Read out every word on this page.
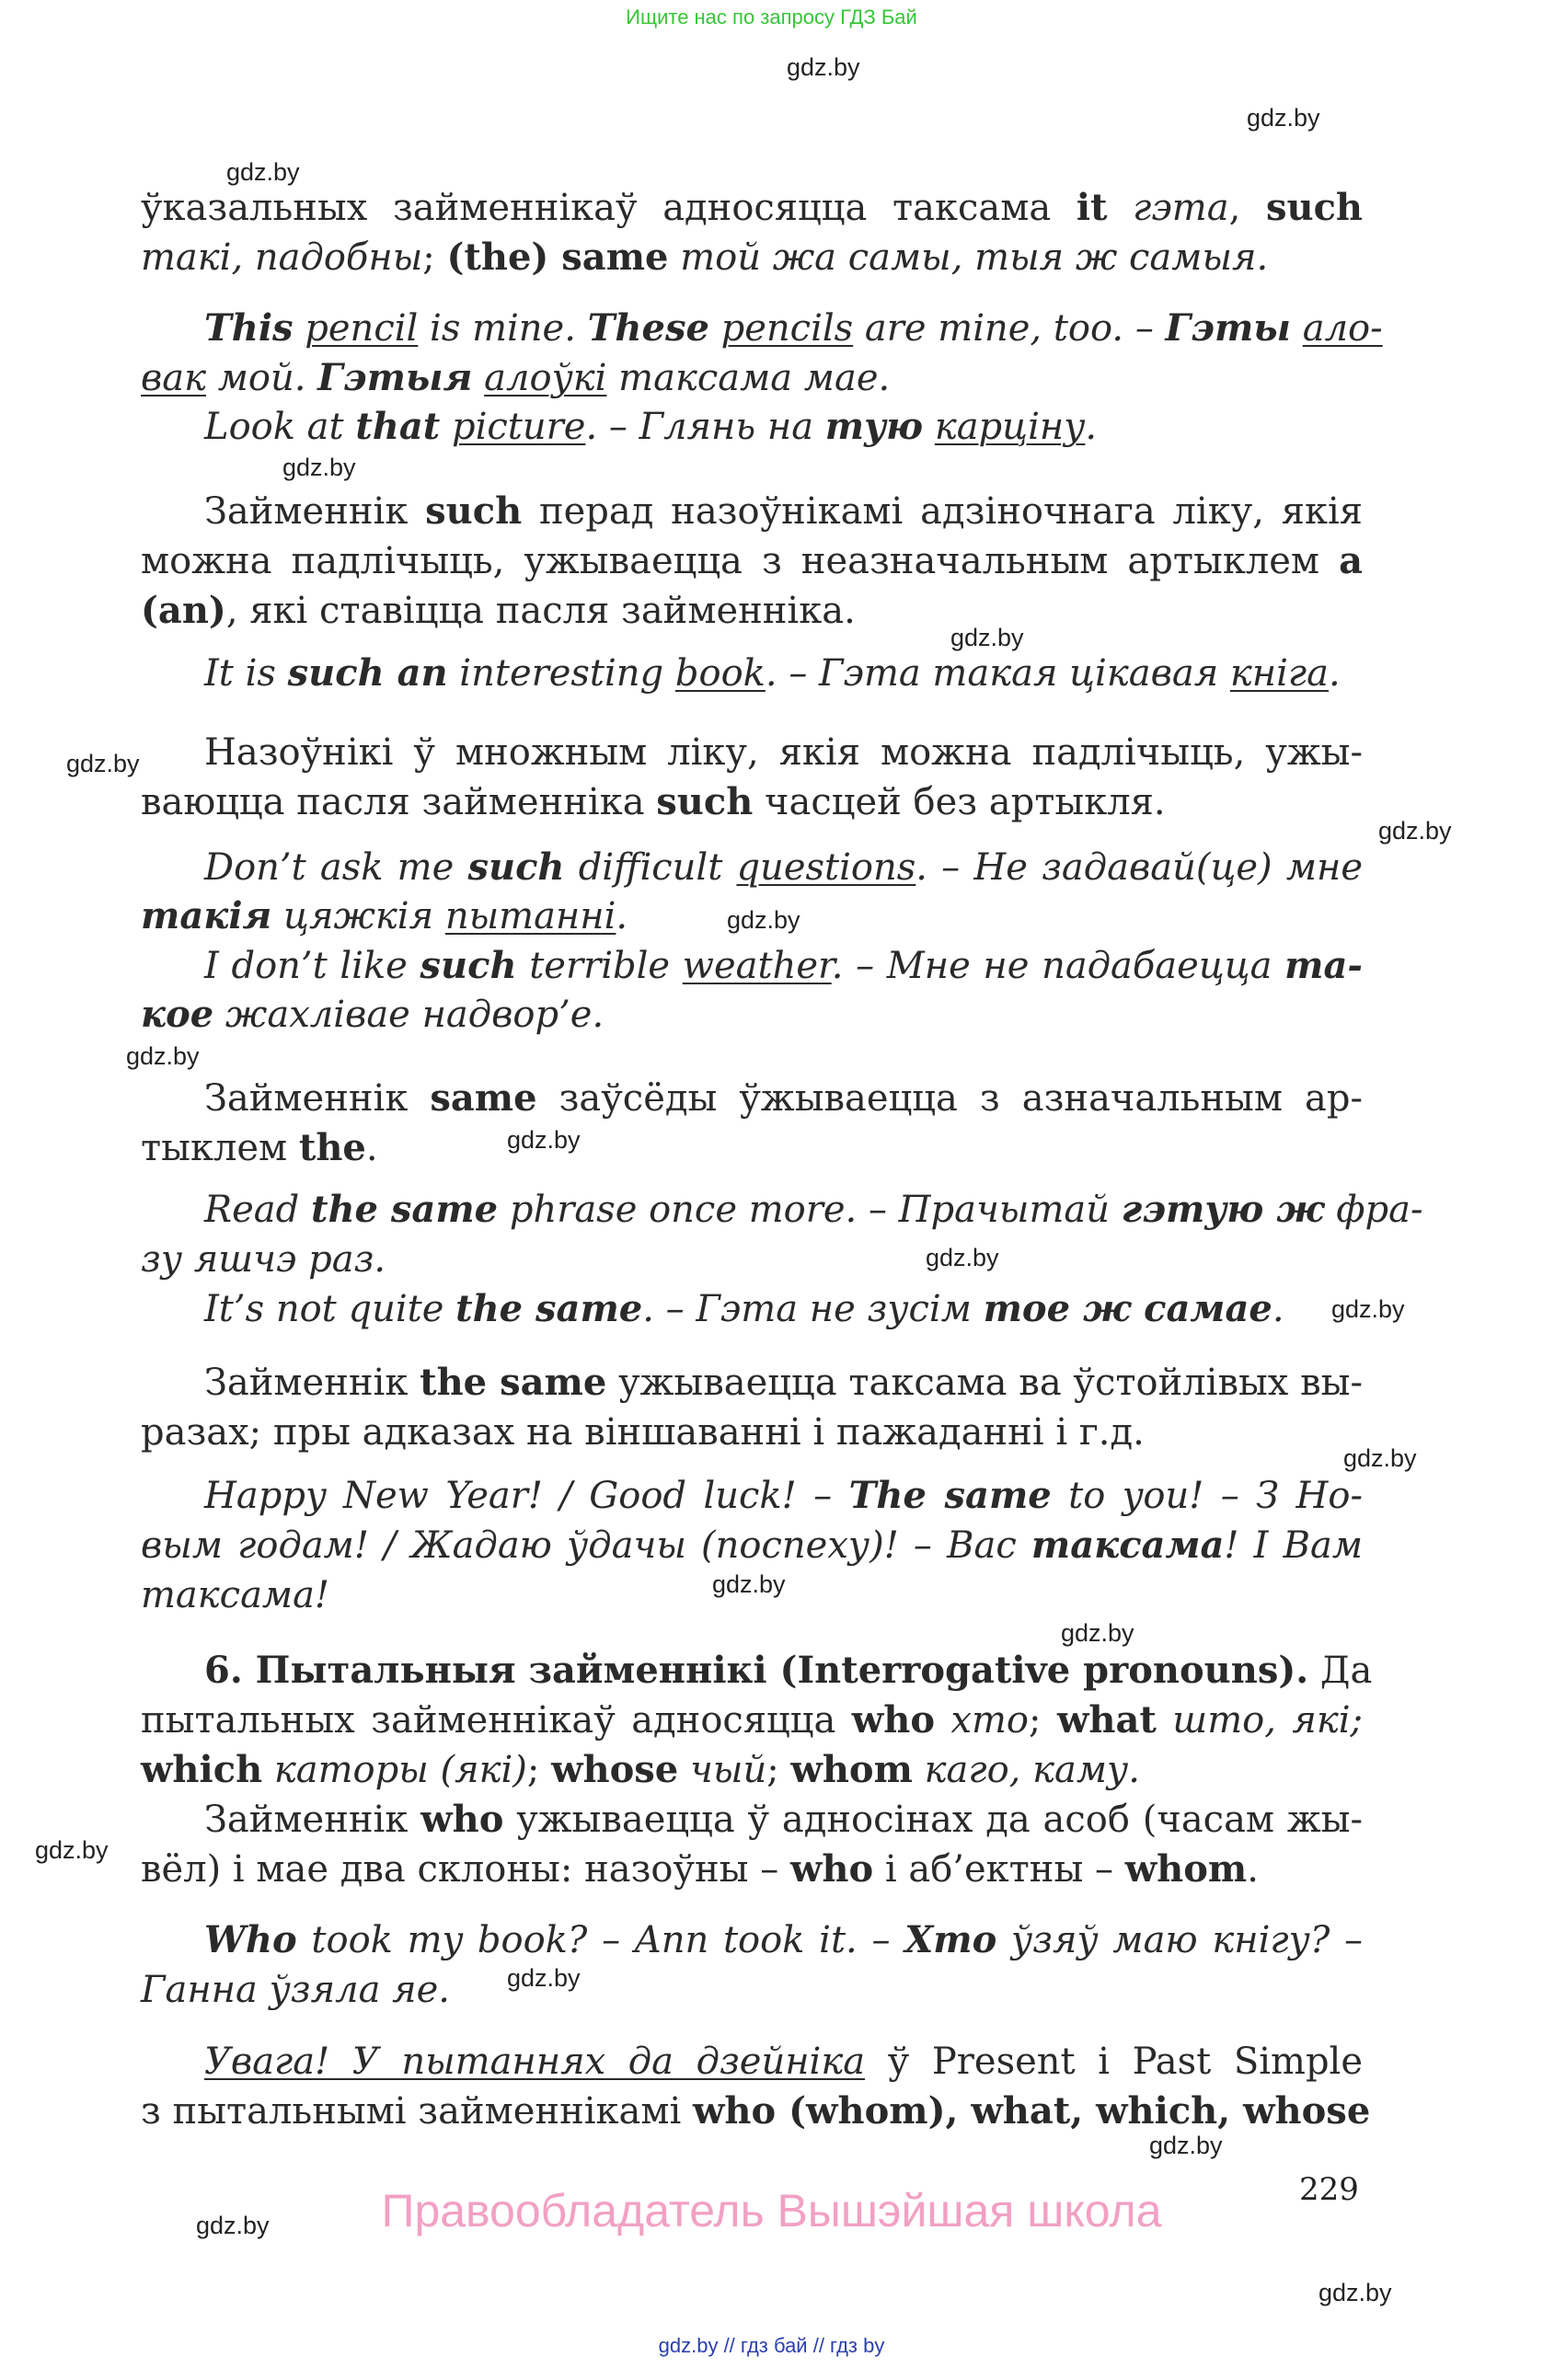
Ищите нас по запросу ГДЗ Бай
gdz.by
gdz.by
gdz.by
gdz.by
gdz.by
gdz.by
gdz.by
gdz.by
gdz.by
gdz.by
gdz.by
gdz.by
gdz.by
gdz.by
gdz.by
gdz.by
gdz.by
gdz.by
gdz.by
gdz.by
ўказальных займеннікаў адносяцца таксама it гэта, such
такі, падобны; (the) same той жа самы, тыя ж самыя.
This pencil is mine. These pencils are mine, too. – Гэты ало-
вак мой. Гэтыя алоўкі таксама мае.
Look at that picture. – Глянь на тую карціну.
Займеннік such перад назоўнікамі адзіночнага ліку, якія
можна падлічыць, ужываецца з неазначальным артыклем a
(an), які ставіцца пасля займенніка.
It is such an interesting book. – Гэта такая цікавая кніга.
Назоўнікі ў множным ліку, якія можна падлічыць, ужы-
ваюцца пасля займенніка such часцей без артыкля.
Don’t ask me such difficult questions. – Не задавай(це) мне
такія цяжкія пытанні.
I don’t like such terrible weather. – Мне не падабаецца та-
кое жахлівае надвор’е.
Займеннік same заўсёды ўжываецца з азначальным ар-
тыклем the.
Read the same phrase once more. – Прачытай гэтую ж фра-
зу яшчэ раз.
It’s not quite the same. – Гэта не зусім тое ж самае.
Займеннік the same ужываецца таксама ва ўстойлівых вы-
разах; пры адказах на віншаванні і пажаданні і г.д.
Happy New Year! / Good luck! – The same to you! – З Но-
вым годам! / Жадаю ўдачы (поспеху)! – Вас таксама! І Вам
таксама!
6. Пытальныя займеннікі (Interrogative pronouns). Да
пытальных займеннікаў адносяцца who хто; what што, які;
which каторы (які); whose чый; whom каго, каму.
Займеннік who ужываецца ў адносінах да асоб (часам жы-
вёл) і мае два склоны: назоўны – who і аб’ектны – whom.
Who took my book? – Ann took it. – Хто ўзяў маю кнігу? –
Ганна ўзяла яе.
Увага! У пытаннях да дзейніка ў Present і Past Simple
з пытальнымі займеннікамі who (whom), what, which, whose
229
Правообладатель Вышэйшая школа
gdz.by // гдз бай // гдз by
